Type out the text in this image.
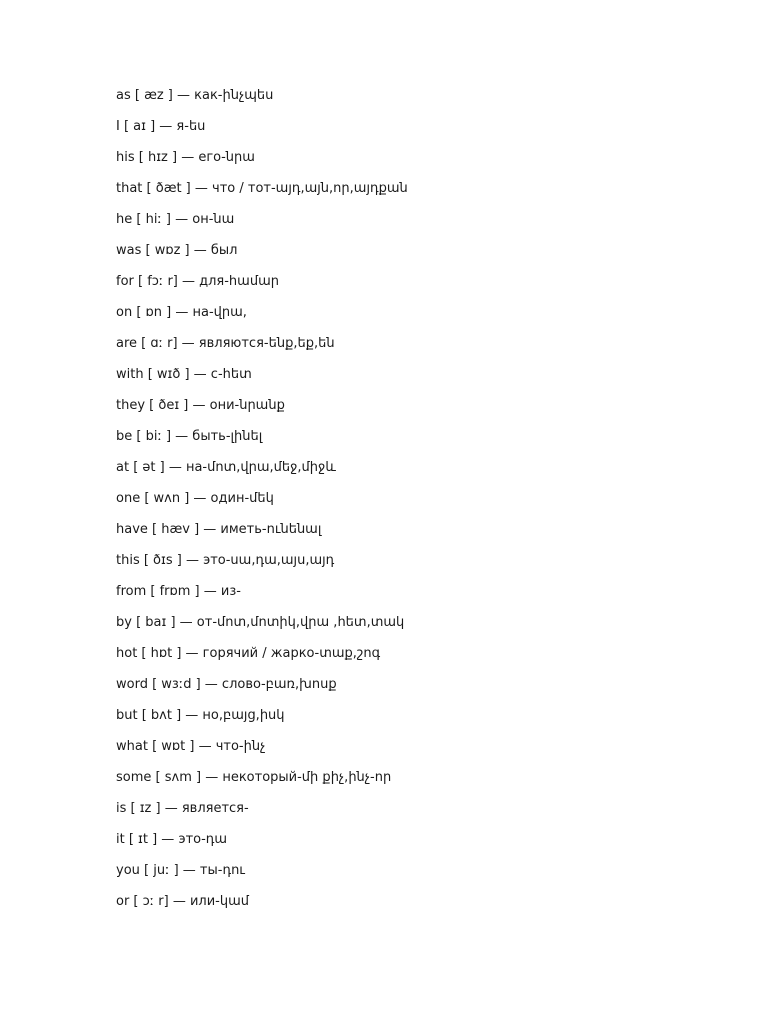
as [ æz ] — как-ինչպես
I [ aɪ ] — я-ես
his [ hɪz ] — его-նրա
that [ ðæt ] — что / тот-այդ,այն,որ,այդքան
he [ hiː ] — он-նա
was [ wɒz ] — был
for [ fɔː r] — для-համար
on [ ɒn ] — на-վրա,
are [ ɑː r] — являются-ենք,եք,են
with [ wɪð ] — с-հետ
they [ ðeɪ ] — они-նրանք
be [ biː ] — быть-լինել
at [ ət ] — на-մոտ,վրա,մեջ,միջև
one [ wʌn ] — один-մեկ
have [ hæv ] — иметь-ունենալ
this [ ðɪs ] — это-սա,դա,այս,այդ
from [ frɒm ] — из-
by [ baɪ ] — от-մոտ,մոտիկ,վրա ,հետ,տակ
hot [ hɒt ] — горячий / жарко-տաք,շոգ
word [ wɜːd ] — слово-բառ,խոսք
but [ bʌt ] — но,բայց,իսկ
what [ wɒt ] — что-ինչ
some [ sʌm ] — некоторый-մի քիչ,ինչ-որ
is [ ɪz ] — является-
it [ ɪt ] — это-դա
you [ juː ] — ты-դու
or [ ɔː r] — или-կամ
